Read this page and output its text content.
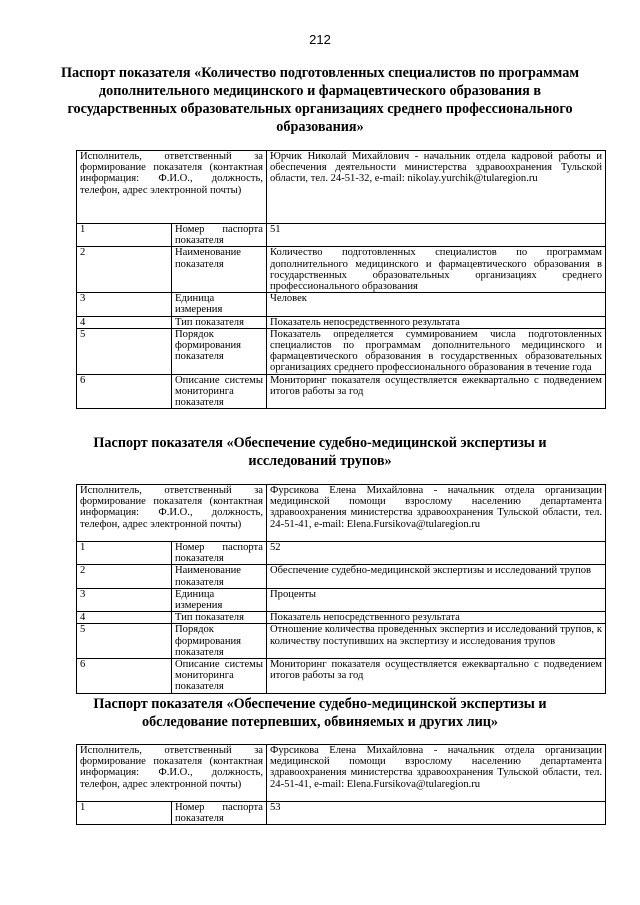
212
Паспорт показателя «Количество подготовленных специалистов по программам дополнительного медицинского и фармацевтического образования в государственных образовательных организациях среднего профессионального образования»
Исполнитель, ответственный за формирование показателя (контактная информация: Ф.И.О., должность, телефон, адрес электронной почты)		Юрчик Николай Михайлович - начальник отдела кадровой работы и обеспечения деятельности министерства здравоохранения Тульской области, тел. 24-51-32, e-mail: nikolay.yurchik@tularegion.ru
1	Номер паспорта показателя	51
2	Наименование показателя	Количество подготовленных специалистов по программам дополнительного медицинского и фармацевтического образования в государственных образовательных организациях среднего профессионального образования
3	Единица измерения	Человек
4	Тип показателя	Показатель непосредственного результата
5	Порядок формирования показателя	Показатель определяется суммированием числа подготовленных специалистов по программам дополнительного медицинского и фармацевтического образования в государственных образовательных организациях среднего профессионального образования в течение года
6	Описание системы мониторинга показателя	Мониторинг показателя осуществляется ежеквартально с подведением итогов работы за год
Паспорт показателя «Обеспечение судебно-медицинской экспертизы и исследований трупов»
Исполнитель, ответственный за формирование показателя (контактная информация: Ф.И.О., должность, телефон, адрес электронной почты)		Фурсикова Елена Михайловна - начальник отдела организации медицинской помощи взрослому населению департамента здравоохранения министерства здравоохранения Тульской области, тел. 24-51-41, e-mail: Elena.Fursikova@tularegion.ru
1	Номер паспорта показателя	52
2	Наименование показателя	Обеспечение судебно-медицинской экспертизы и исследований трупов
3	Единица измерения	Проценты
4	Тип показателя	Показатель непосредственного результата
5	Порядок формирования показателя	Отношение количества проведенных экспертиз и исследований трупов, к количеству поступивших на экспертизу и исследования трупов
6	Описание системы мониторинга показателя	Мониторинг показателя осуществляется ежеквартально с подведением итогов работы за год
Паспорт показателя «Обеспечение судебно-медицинской экспертизы и обследование потерпевших, обвиняемых и других лиц»
Исполнитель, ответственный за формирование показателя (контактная информация: Ф.И.О., должность, телефон, адрес электронной почты)		Фурсикова Елена Михайловна - начальник отдела организации медицинской помощи взрослому населению департамента здравоохранения министерства здравоохранения Тульской области, тел. 24-51-41, e-mail: Elena.Fursikova@tularegion.ru
1	Номер паспорта показателя	53
